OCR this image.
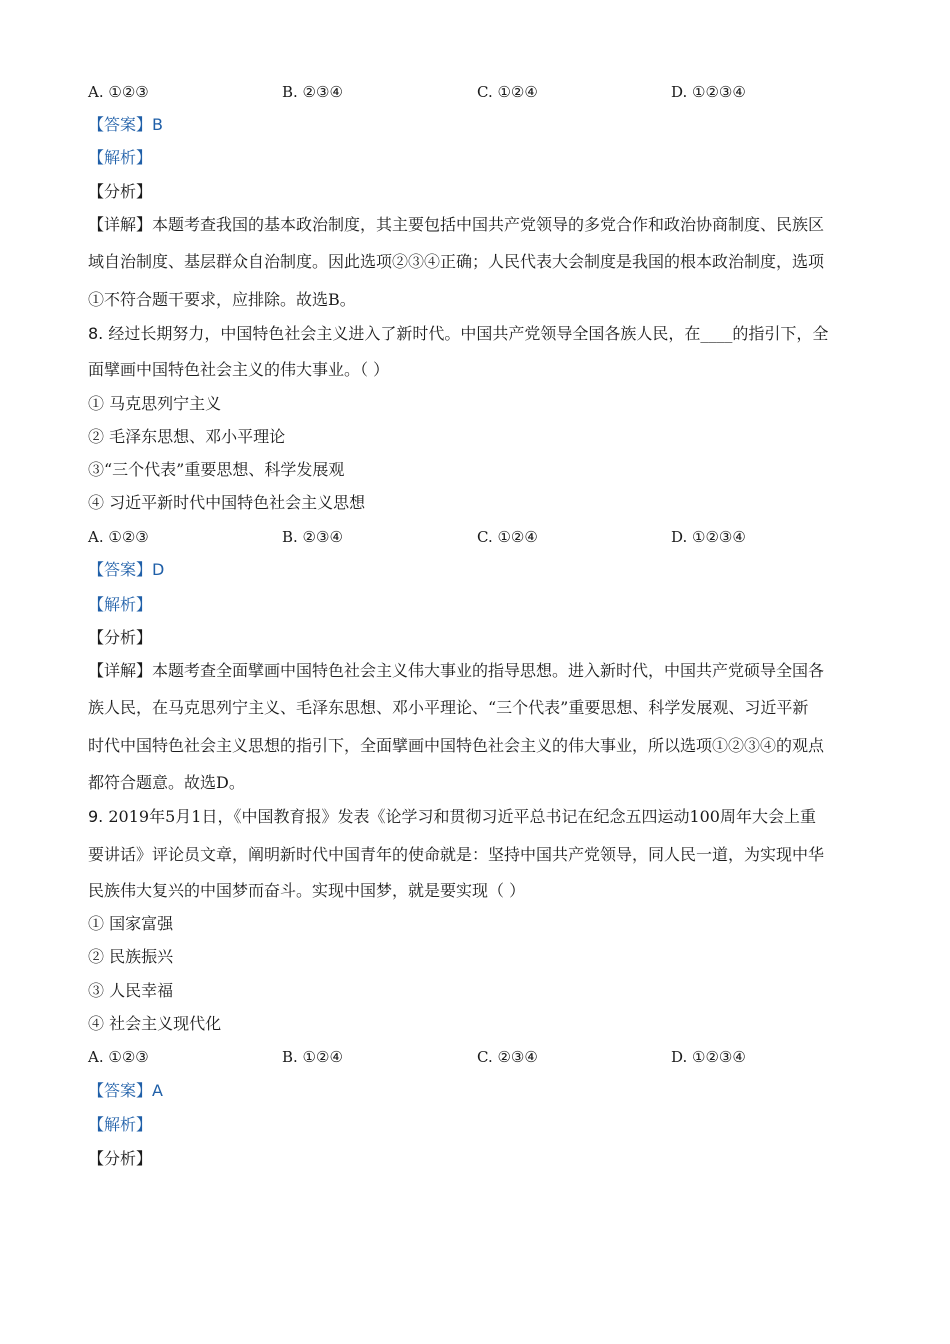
A. ①②③	B. ②③④	C. ①②④	D. ①②③④
【答案】B
【解析】
【分析】
【详解】本题考查我国的基本政治制度，其主要包括中国共产党领导的多党合作和政治协商制度、民族区
域自治制度、基层群众自治制度。因此选项②③④正确；人民代表大会制度是我国的根本政治制度，选项
①不符合题干要求，应排除。故选B。
8. 经过长期努力，中国特色社会主义进入了新时代。中国共产党领导全国各族人民，在____的指引下，全
面擘画中国特色社会主义的伟大事业。（ ）
① 马克思列宁主义
② 毛泽东思想、邓小平理论
③“三个代表”重要思想、科学发展观
④ 习近平新时代中国特色社会主义思想
A. ①②③	B. ②③④	C. ①②④	D. ①②③④
【答案】D
【解析】
【分析】
【详解】本题考查全面擘画中国特色社会主义伟大事业的指导思想。进入新时代，中国共产党硕导全国各
族人民，在马克思列宁主义、毛泽东思想、邓小平理论、“三个代表”重要思想、科学发展观、习近平新
时代中国特色社会主义思想的指引下，全面擘画中国特色社会主义的伟大事业，所以选项①②③④的观点
都符合题意。故选D。
9. 2019年5月1日，《中国教育报》发表《论学习和贯彻习近平总书记在纪念五四运动100周年大会上重
要讲话》评论员文章，阐明新时代中国青年的使命就是：坚持中国共产党领导，同人民一道，为实现中华
民族伟大复兴的中国梦而奋斗。实现中国梦，就是要实现（ ）
① 国家富强
② 民族振兴
③ 人民幸福
④ 社会主义现代化
A. ①②③	B. ①②④	C. ②③④	D. ①②③④
【答案】A
【解析】
【分析】
